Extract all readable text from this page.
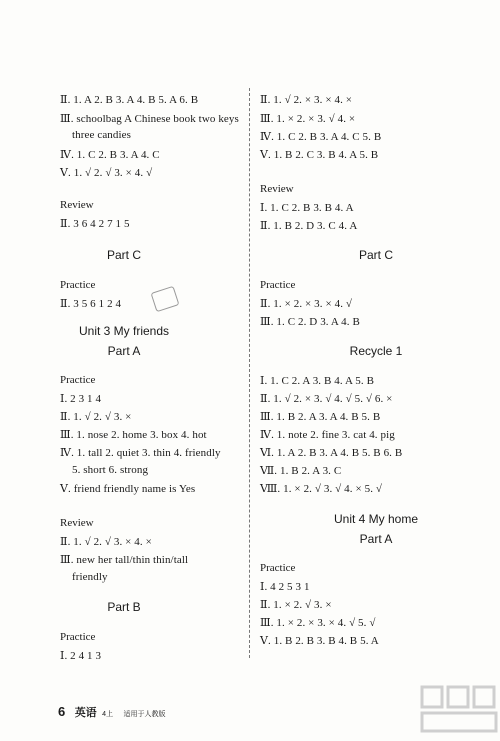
Ⅱ. 1. A 2. B 3. A 4. B 5. A 6. B
Ⅲ. schoolbag A Chinese book two keys
three candies
Ⅳ. 1. C 2. B 3. A 4. C
Ⅴ. 1. √ 2. √ 3. × 4. √
Review
Ⅱ. 3 6 4 2 7 1 5
Part C
Practice
Ⅱ. 3 5 6 1 2 4
Unit 3 My friends
Part A
Practice
Ⅰ. 2 3 1 4
Ⅱ. 1. √ 2. √ 3. ×
Ⅲ. 1. nose 2. home 3. box 4. hot
Ⅳ. 1. tall 2. quiet 3. thin 4. friendly
5. short 6. strong
Ⅴ. friend friendly name is Yes
Review
Ⅱ. 1. √ 2. √ 3. × 4. ×
Ⅲ. new her tall/thin thin/tall
friendly
Part B
Practice
Ⅰ. 2 4 1 3
Ⅱ. 1. √ 2. × 3. × 4. ×
Ⅲ. 1. × 2. × 3. √ 4. ×
Ⅳ. 1. C 2. B 3. A 4. C 5. B
Ⅴ. 1. B 2. C 3. B 4. A 5. B
Review
Ⅰ. 1. C 2. B 3. B 4. A
Ⅱ. 1. B 2. D 3. C 4. A
Part C
Practice
Ⅱ. 1. × 2. × 3. × 4. √
Ⅲ. 1. C 2. D 3. A 4. B
Recycle 1
Ⅰ. 1. C 2. A 3. B 4. A 5. B
Ⅱ. 1. √ 2. × 3. √ 4. √ 5. √ 6. ×
Ⅲ. 1. B 2. A 3. A 4. B 5. B
Ⅳ. 1. note 2. fine 3. cat 4. pig
Ⅵ. 1. A 2. B 3. A 4. B 5. B 6. B
Ⅶ. 1. B 2. A 3. C
Ⅷ. 1. × 2. √ 3. √ 4. × 5. √
Unit 4 My home
Part A
Practice
Ⅰ. 4 2 5 3 1
Ⅱ. 1. × 2. √ 3. ×
Ⅲ. 1. × 2. × 3. × 4. √ 5. √
Ⅴ. 1. B 2. B 3. B 4. B 5. A
6 英语 4上 适用于人教版
